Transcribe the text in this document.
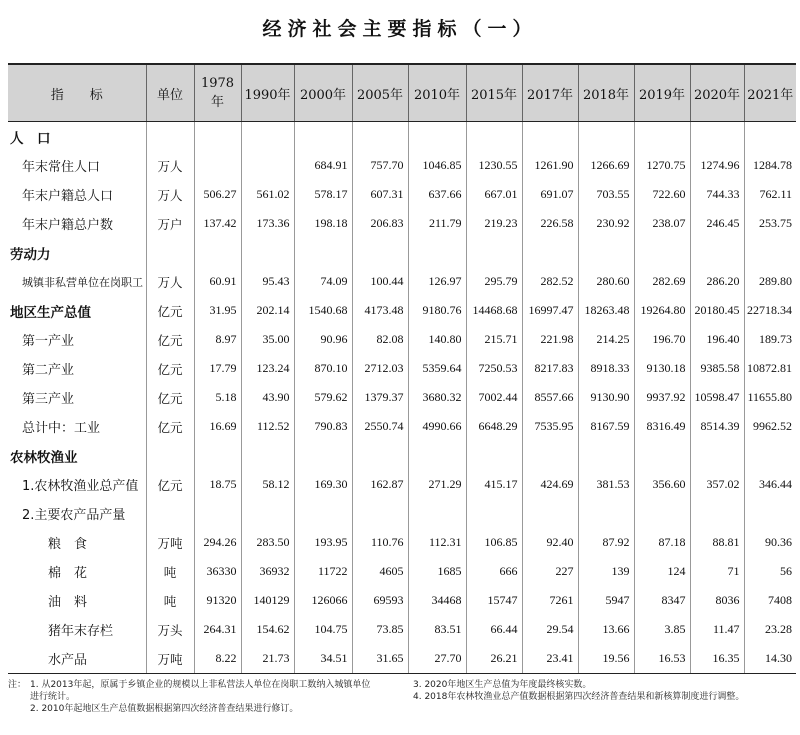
经济社会主要指标（一）
指　　标	单位	1978年	1990年	2000年	2005年	2010年	2015年	2017年	2018年	2019年	2020年	2021年
人　口												
年末常住人口	万人			684.91	757.70	1046.85	1230.55	1261.90	1266.69	1270.75	1274.96	1284.78
年末户籍总人口	万人	506.27	561.02	578.17	607.31	637.66	667.01	691.07	703.55	722.60	744.33	762.11
年末户籍总户数	万户	137.42	173.36	198.18	206.83	211.79	219.23	226.58	230.92	238.07	246.45	253.75
劳动力												
城镇非私营单位在岗职工	万人	60.91	95.43	74.09	100.44	126.97	295.79	282.52	280.60	282.69	286.20	289.80
地区生产总值	亿元	31.95	202.14	1540.68	4173.48	9180.76	14468.68	16997.47	18263.48	19264.80	20180.45	22718.34
第一产业	亿元	8.97	35.00	90.96	82.08	140.80	215.71	221.98	214.25	196.70	196.40	189.73
第二产业	亿元	17.79	123.24	870.10	2712.03	5359.64	7250.53	8217.83	8918.33	9130.18	9385.58	10872.81
第三产业	亿元	5.18	43.90	579.62	1379.37	3680.32	7002.44	8557.66	9130.90	9937.92	10598.47	11655.80
总计中：工业	亿元	16.69	112.52	790.83	2550.74	4990.66	6648.29	7535.95	8167.59	8316.49	8514.39	9962.52
农林牧渔业												
1.农林牧渔业总产值	亿元	18.75	58.12	169.30	162.87	271.29	415.17	424.69	381.53	356.60	357.02	346.44
2.主要农产品产量												
粮　食	万吨	294.26	283.50	193.95	110.76	112.31	106.85	92.40	87.92	87.18	88.81	90.36
棉　花	吨	36330	36932	11722	4605	1685	666	227	139	124	71	56
油　料	吨	91320	140129	126066	69593	34468	15747	7261	5947	8347	8036	7408
猪年末存栏	万头	264.31	154.62	104.75	73.85	83.51	66.44	29.54	13.66	3.85	11.47	23.28
水产品	万吨	8.22	21.73	34.51	31.65	27.70	26.21	23.41	19.56	16.53	16.35	14.30
注： 1. 从2013年起，原属于乡镇企业的规模以上非私营法人单位在岗职工数纳入城镇单位
进行统计。
2. 2010年起地区生产总值数据根据第四次经济普查结果进行修订。
3. 2020年地区生产总值为年度最终核实数。
4. 2018年农林牧渔业总产值数据根据第四次经济普查结果和新核算制度进行调整。
